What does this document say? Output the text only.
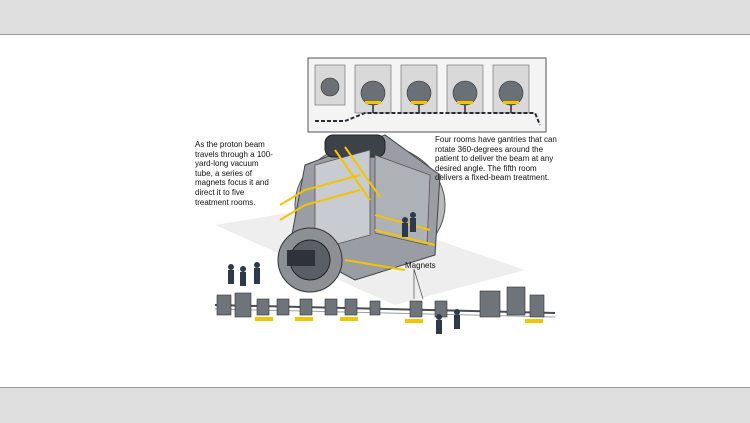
As the proton beam travels through a 100-yard-long vacuum tube, a series of magnets focus it and direct it to five treatment rooms.
Four rooms have gantries that can rotate 360-degrees around the patient to deliver the beam at any desired angle. The fifth room delivers a fixed-beam treatment.
Magnets
